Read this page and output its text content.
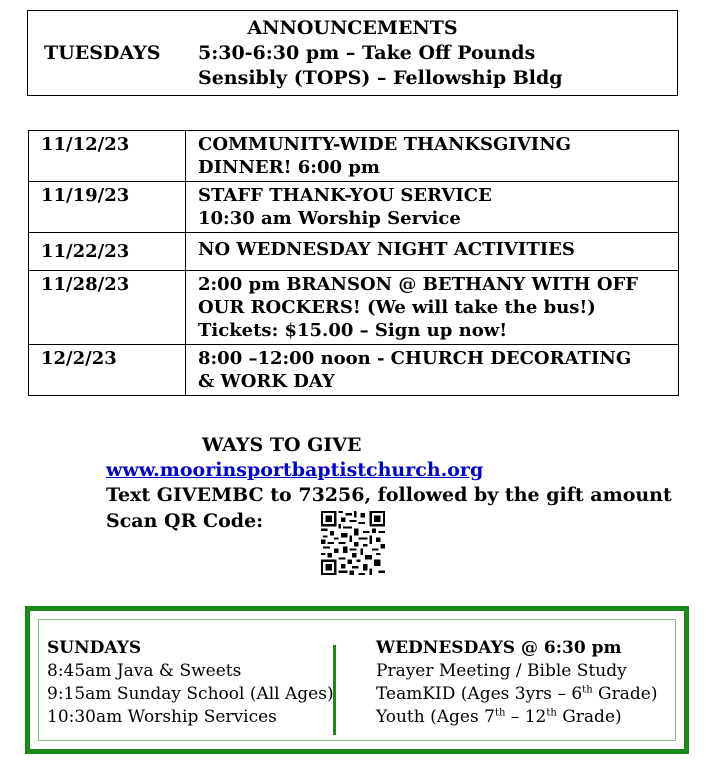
ANNOUNCEMENTS
TUESDAYS 5:30-6:30 pm – Take Off Pounds
Sensibly (TOPS) – Fellowship Bldg
11/12/23	COMMUNITY-WIDE THANKSGIVING
DINNER! 6:00 pm

11/19/23	STAFF THANK-YOU SERVICE
10:30 am Worship Service

11/22/23	NO WEDNESDAY NIGHT ACTIVITIES

11/28/23	2:00 pm BRANSON @ BETHANY WITH OFF
OUR ROCKERS! (We will take the bus!)
Tickets: $15.00 – Sign up now!

12/2/23	8:00 –12:00 noon - CHURCH DECORATING
& WORK DAY
WAYS TO GIVE
www.moorinsportbaptistchurch.org
Text GIVEMBC to 73256, followed by the gift amount
Scan QR Code:
SUNDAYS
8:45am Java & Sweets
9:15am Sunday School (All Ages)
10:30am Worship Services
WEDNESDAYS @ 6:30 pm
Prayer Meeting / Bible Study
TeamKID (Ages 3yrs – 6th Grade)
Youth (Ages 7th – 12th Grade)
